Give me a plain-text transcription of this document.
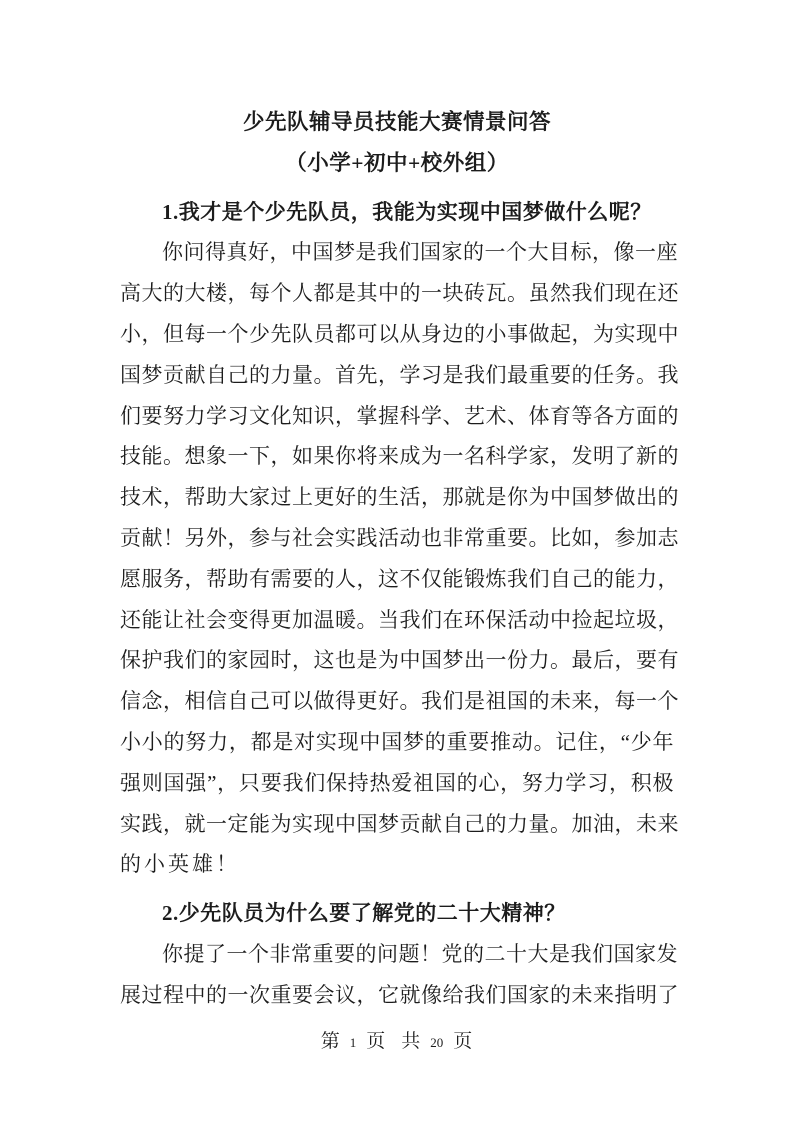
少先队辅导员技能大赛情景问答
（小学+初中+校外组）
1.我才是个少先队员，我能为实现中国梦做什么呢？
你问得真好，中国梦是我们国家的一个大目标，像一座
高大的大楼，每个人都是其中的一块砖瓦。虽然我们现在还
小，但每一个少先队员都可以从身边的小事做起，为实现中
国梦贡献自己的力量。首先，学习是我们最重要的任务。我
们要努力学习文化知识，掌握科学、艺术、体育等各方面的
技能。想象一下，如果你将来成为一名科学家，发明了新的
技术，帮助大家过上更好的生活，那就是你为中国梦做出的
贡献！另外，参与社会实践活动也非常重要。比如，参加志
愿服务，帮助有需要的人，这不仅能锻炼我们自己的能力，
还能让社会变得更加温暖。当我们在环保活动中捡起垃圾，
保护我们的家园时，这也是为中国梦出一份力。最后，要有
信念，相信自己可以做得更好。我们是祖国的未来，每一个
小小的努力，都是对实现中国梦的重要推动。记住，“少年
强则国强”，只要我们保持热爱祖国的心，努力学习，积极
实践，就一定能为实现中国梦贡献自己的力量。加油，未来
的小英雄！
2.少先队员为什么要了解党的二十大精神？
你提了一个非常重要的问题！党的二十大是我们国家发
展过程中的一次重要会议，它就像给我们国家的未来指明了
第 1 页 共 20 页
